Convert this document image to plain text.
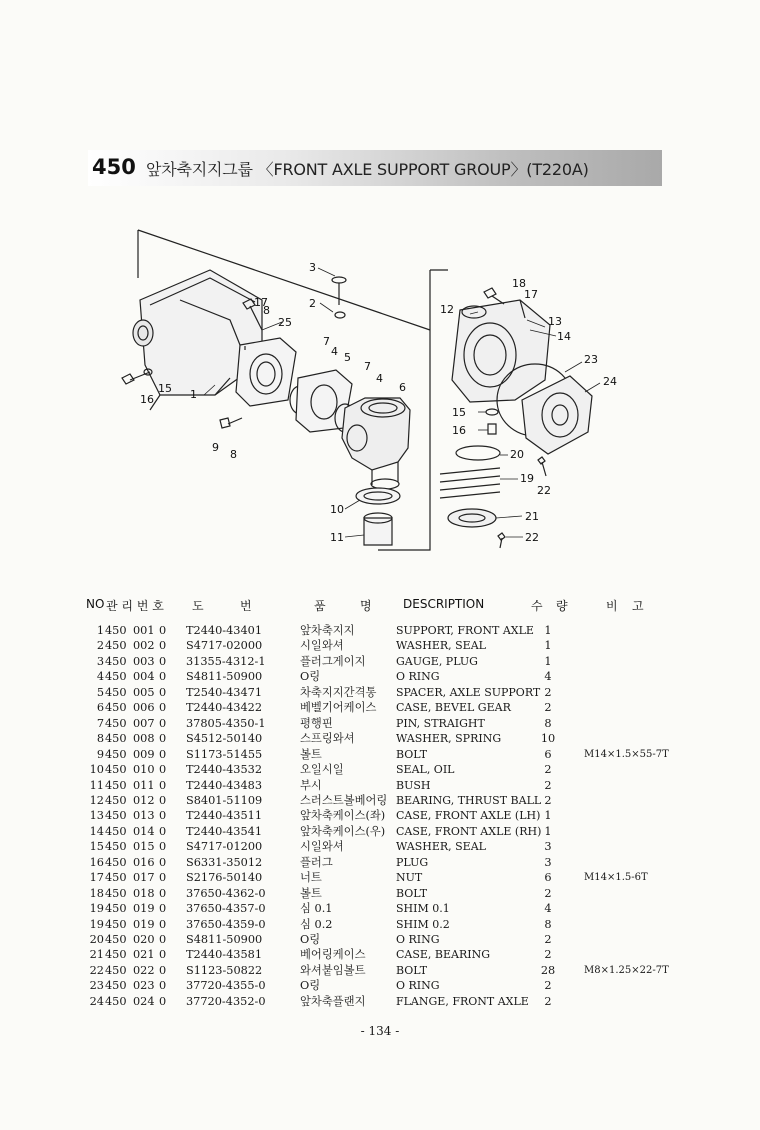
450 앞차축지지그룹 〈FRONT AXLE SUPPORT GROUP〉(T220A)
1
2
3
4
4
5
6
7
7
8
8
9
10
11
12
13
14
15
15
16
16
17
17
18
19
20
21
22
22
23
24
25
NO 관 리 번 호 도	번	품	명	DESCRIPTION	수 량	비 고
1 450 001 0 T2440-43401	앞차축지지	SUPPORT, FRONT AXLE 1
2 450 002 0 S4717-02000	시일와셔	WASHER, SEAL	1
3 450 003 0 31355-4312-1	플러그게이지	GAUGE, PLUG	1
4 450 004 0 S4811-50900	O링	O RING	4
5 450 005 0 T2540-43471	차축지지간격통 SPACER, AXLE SUPPORT 2
6 450 006 0 T2440-43422	베벨기어케이스 CASE, BEVEL GEAR	2
7 450 007 0 37805-4350-1	평행핀	PIN, STRAIGHT	8
8 450 008 0 S4512-50140	스프링와셔	WASHER, SPRING	10
9 450 009 0 S1173-51455	볼트	BOLT	6	M14×1.5×55-7T
10 450 010 0 T2440-43532	오일시일	SEAL, OIL	2
11 450 011 0 T2440-43483	부시	BUSH	2
12 450 012 0 S8401-51109	스러스트볼베어링 BEARING, THRUST BALL 2
13 450 013 0 T2440-43511	앞차축케이스(좌) CASE, FRONT AXLE (LH) 1
14 450 014 0 T2440-43541	앞차축케이스(우) CASE, FRONT AXLE (RH) 1
15 450 015 0 S4717-01200	시일와셔	WASHER, SEAL	3
16 450 016 0 S6331-35012	플러그	PLUG	3
17 450 017 0 S2176-50140	너트	NUT	6	M14×1.5-6T
18 450 018 0 37650-4362-0	볼트	BOLT	2
19 450 019 0 37650-4357-0	심 0.1	SHIM 0.1	4
19 450 019 0 37650-4359-0	심 0.2	SHIM 0.2	8
20 450 020 0 S4811-50900	O링	O RING	2
21 450 021 0 T2440-43581	베어링케이스	CASE, BEARING	2
22 450 022 0 S1123-50822	와셔붙임볼트	BOLT	28	M8×1.25×22-7T
23 450 023 0 37720-4355-0	O링	O RING	2
24 450 024 0 37720-4352-0	앞차축플랜지	FLANGE, FRONT AXLE	2
- 134 -
